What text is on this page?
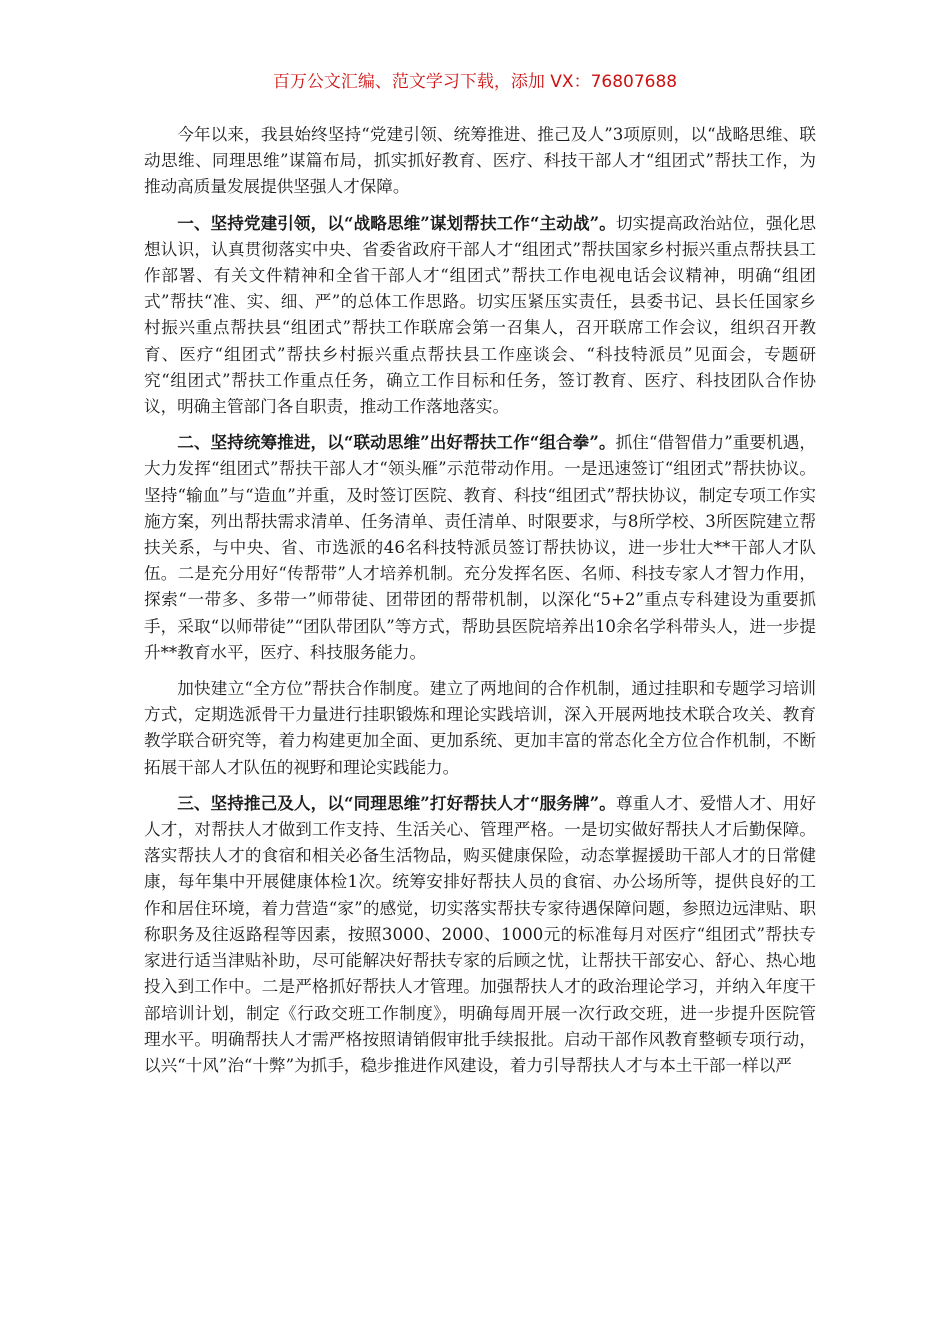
百万公文汇编、范文学习下载，添加 VX：76807688

今年以来，我县始终坚持“党建引领、统筹推进、推己及人”3项原则，以“战略思维、联动思维、同理思维”谋篇布局，抓实抓好教育、医疗、科技干部人才“组团式”帮扶工作，为推动高质量发展提供坚强人才保障。

一、坚持党建引领，以“战略思维”谋划帮扶工作“主动战”。切实提高政治站位，强化思想认识，认真贯彻落实中央、省委省政府干部人才“组团式”帮扶国家乡村振兴重点帮扶县工作部署、有关文件精神和全省干部人才“组团式”帮扶工作电视电话会议精神，明确“组团式”帮扶“准、实、细、严”的总体工作思路。切实压紧压实责任，县委书记、县长任国家乡村振兴重点帮扶县“组团式”帮扶工作联席会第一召集人，召开联席工作会议，组织召开教育、医疗“组团式”帮扶乡村振兴重点帮扶县工作座谈会、“科技特派员”见面会，专题研究“组团式”帮扶工作重点任务，确立工作目标和任务，签订教育、医疗、科技团队合作协议，明确主管部门各自职责，推动工作落地落实。

二、坚持统筹推进，以“联动思维”出好帮扶工作“组合拳”。抓住“借智借力”重要机遇，大力发挥“组团式”帮扶干部人才“领头雁”示范带动作用。一是迅速签订“组团式”帮扶协议。坚持“输血”与“造血”并重，及时签订医院、教育、科技“组团式”帮扶协议，制定专项工作实施方案，列出帮扶需求清单、任务清单、责任清单、时限要求，与8所学校、3所医院建立帮扶关系，与中央、省、市选派的46名科技特派员签订帮扶协议，进一步壮大**干部人才队伍。二是充分用好“传帮带”人才培养机制。充分发挥名医、名师、科技专家人才智力作用，探索“一带多、多带一”师带徒、团带团的帮带机制，以深化“5+2”重点专科建设为重要抓手，采取“以师带徒”“团队带团队”等方式，帮助县医院培养出10余名学科带头人，进一步提升**教育水平，医疗、科技服务能力。

加快建立“全方位”帮扶合作制度。建立了两地间的合作机制，通过挂职和专题学习培训方式，定期选派骨干力量进行挂职锻炼和理论实践培训，深入开展两地技术联合攻关、教育教学联合研究等，着力构建更加全面、更加系统、更加丰富的常态化全方位合作机制，不断拓展干部人才队伍的视野和理论实践能力。

三、坚持推己及人，以“同理思维”打好帮扶人才“服务牌”。尊重人才、爱惜人才、用好人才，对帮扶人才做到工作支持、生活关心、管理严格。一是切实做好帮扶人才后勤保障。落实帮扶人才的食宿和相关必备生活物品，购买健康保险，动态掌握援助干部人才的日常健康，每年集中开展健康体检1次。统筹安排好帮扶人员的食宿、办公场所等，提供良好的工作和居住环境，着力营造“家”的感觉，切实落实帮扶专家待遇保障问题，参照边远津贴、职称职务及往返路程等因素，按照3000、2000、1000元的标准每月对医疗“组团式”帮扶专家进行适当津贴补助，尽可能解决好帮扶专家的后顾之忧，让帮扶干部安心、舒心、热心地投入到工作中。二是严格抓好帮扶人才管理。加强帮扶人才的政治理论学习，并纳入年度干部培训计划，制定《行政交班工作制度》，明确每周开展一次行政交班，进一步提升医院管理水平。明确帮扶人才需严格按照请销假审批手续报批。启动干部作风教育整顿专项行动，以兴“十风”治“十弊”为抓手，稳步推进作风建设，着力引导帮扶人才与本土干部一样以严
